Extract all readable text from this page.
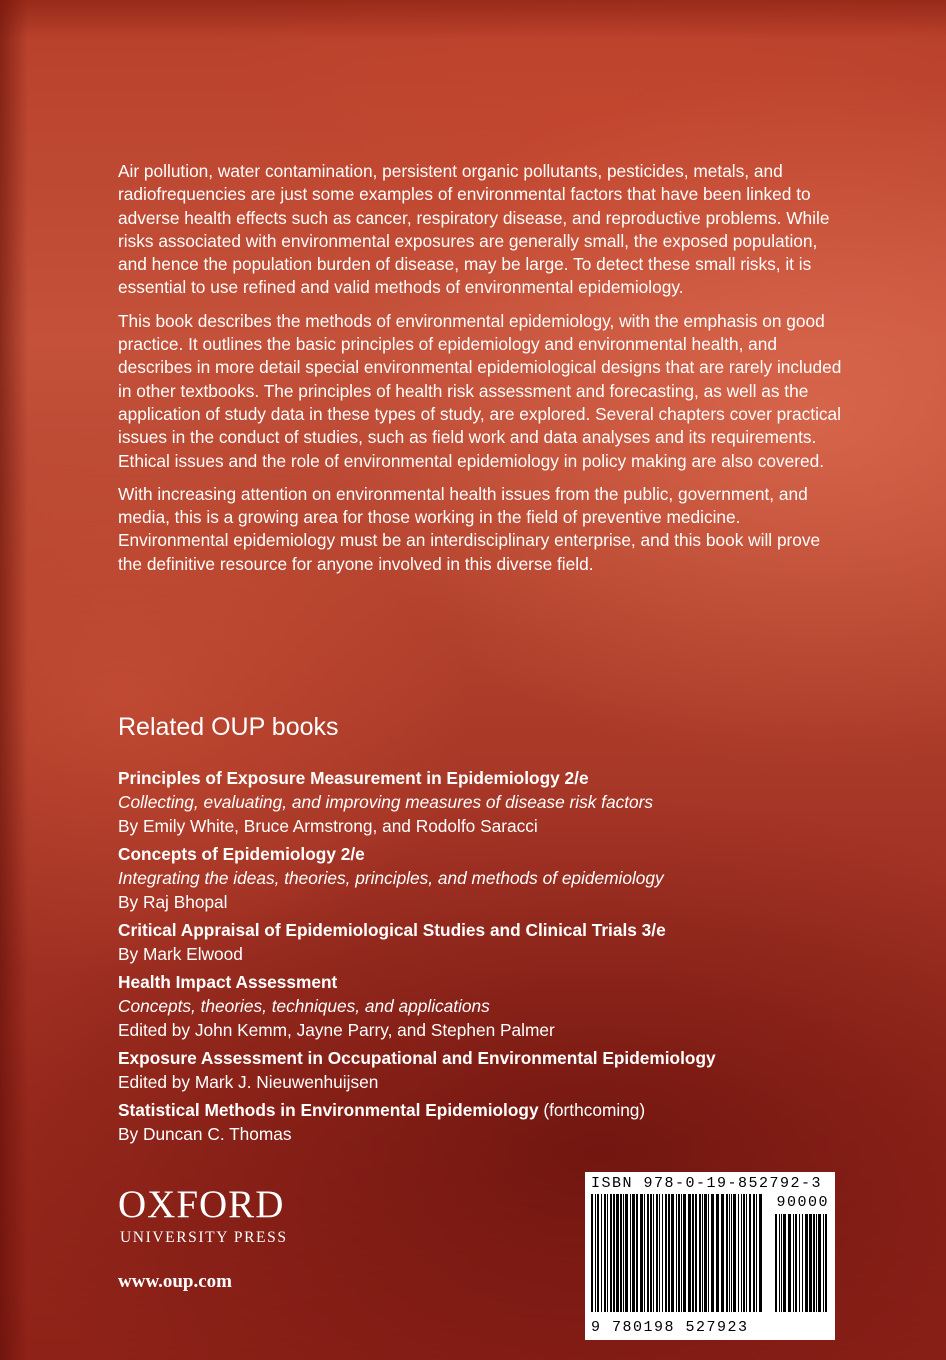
Air pollution, water contamination, persistent organic pollutants, pesticides, metals, and radiofrequencies are just some examples of environmental factors that have been linked to adverse health effects such as cancer, respiratory disease, and reproductive problems. While risks associated with environmental exposures are generally small, the exposed population, and hence the population burden of disease, may be large. To detect these small risks, it is essential to use refined and valid methods of environmental epidemiology.

This book describes the methods of environmental epidemiology, with the emphasis on good practice. It outlines the basic principles of epidemiology and environmental health, and describes in more detail special environmental epidemiological designs that are rarely included in other textbooks. The principles of health risk assessment and forecasting, as well as the application of study data in these types of study, are explored. Several chapters cover practical issues in the conduct of studies, such as field work and data analyses and its requirements. Ethical issues and the role of environmental epidemiology in policy making are also covered.

With increasing attention on environmental health issues from the public, government, and media, this is a growing area for those working in the field of preventive medicine. Environmental epidemiology must be an interdisciplinary enterprise, and this book will prove the definitive resource for anyone involved in this diverse field.

Related OUP books
Principles of Exposure Measurement in Epidemiology 2/e
Collecting, evaluating, and improving measures of disease risk factors
By Emily White, Bruce Armstrong, and Rodolfo Saracci
Concepts of Epidemiology 2/e
Integrating the ideas, theories, principles, and methods of epidemiology
By Raj Bhopal
Critical Appraisal of Epidemiological Studies and Clinical Trials 3/e
By Mark Elwood
Health Impact Assessment
Concepts, theories, techniques, and applications
Edited by John Kemm, Jayne Parry, and Stephen Palmer
Exposure Assessment in Occupational and Environmental Epidemiology
Edited by Mark J. Nieuwenhuijsen
Statistical Methods in Environmental Epidemiology (forthcoming)
By Duncan C. Thomas
OXFORD
UNIVERSITY PRESS
www.oup.com
ISBN 978-0-19-852792-3
90000
9 780198 527923
